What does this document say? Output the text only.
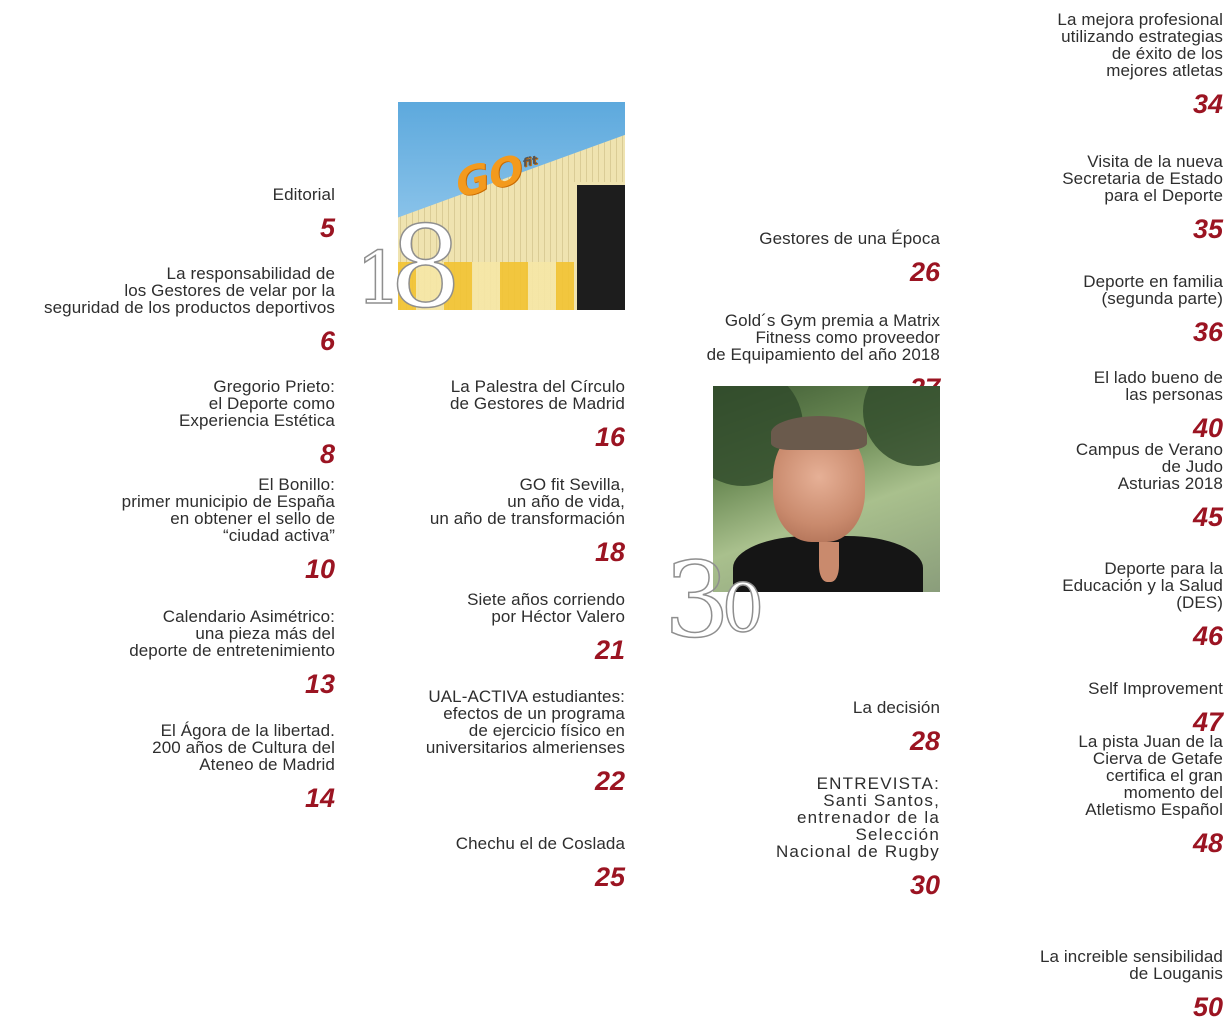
Editorial
5
La responsabilidad de
los Gestores de velar por la
seguridad de los productos deportivos
6
Gregorio Prieto:
el Deporte como
Experiencia Estética
8
El Bonillo:
primer municipio de España
en obtener el sello de
“ciudad activa”
10
Calendario Asimétrico:
una pieza más del
deporte de entretenimiento
13
El Ágora de la libertad.
200 años de Cultura del
Ateneo de Madrid
14
La Palestra del Círculo
de Gestores de Madrid
16
GO fit Sevilla,
un año de vida,
un año de transformación
18
Siete años corriendo
por Héctor Valero
21
UAL-ACTIVA estudiantes:
efectos de un programa
de ejercicio físico en
universitarios almerienses
22
Chechu el de Coslada
25
Gestores de una Época
26
Gold´s Gym premia a Matrix
Fitness como proveedor
de Equipamiento del año 2018
La decisión
28
ENTREVISTA:
Santi Santos,
entrenador de la
Selección
Nacional de Rugby
30
La mejora profesional
utilizando estrategias
de éxito de los
mejores atletas
34
Visita de la nueva
Secretaria de Estado
para el Deporte
35
Deporte en familia
(segunda parte)
36
El lado bueno de
las personas
40
Campus de Verano
de Judo
Asturias 2018
45
Deporte para la
Educación y la Salud
(DES)
46
Self Improvement
47
La pista Juan de la
Cierva de Getafe
certifica el gran
momento del
Atletismo Español
48
La increible sensibilidad
de Louganis
50
$GO^{fit}$
1
8
3
0
